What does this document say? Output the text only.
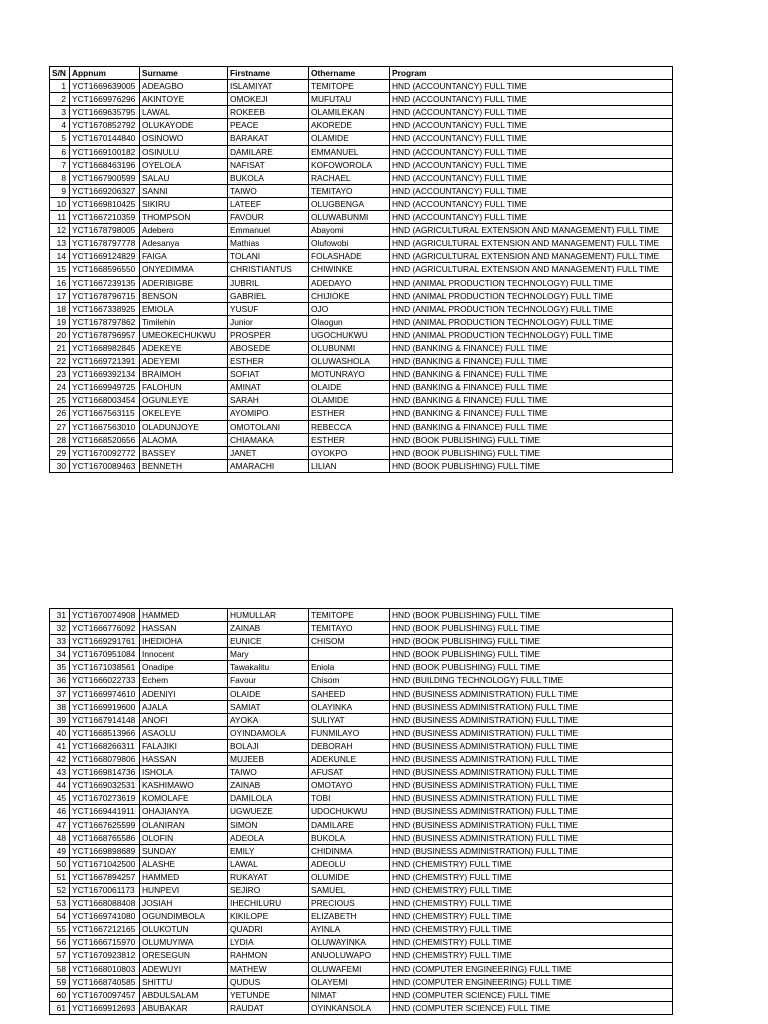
S/N	Appnum	Surname	Firstname	Othername	Program
1	YCT1669639005	ADEAGBO	ISLAMIYAT	TEMITOPE	HND (ACCOUNTANCY) FULL TIME
2	YCT1669976296	AKINTOYE	OMOKEJI	MUFUTAU	HND (ACCOUNTANCY) FULL TIME
3	YCT1669635795	LAWAL	ROKEEB	OLAMILEKAN	HND (ACCOUNTANCY) FULL TIME
4	YCT1670852792	OLUKAYODE	PEACE	AKOREDE	HND (ACCOUNTANCY) FULL TIME
5	YCT1670144840	OSINOWO	BARAKAT	OLAMIDE	HND (ACCOUNTANCY) FULL TIME
6	YCT1669100182	OSINULU	DAMILARE	EMMANUEL	HND (ACCOUNTANCY) FULL TIME
7	YCT1668463196	OYELOLA	NAFISAT	KOFOWOROLA	HND (ACCOUNTANCY) FULL TIME
8	YCT1667900599	SALAU	BUKOLA	RACHAEL	HND (ACCOUNTANCY) FULL TIME
9	YCT1669206327	SANNI	TAIWO	TEMITAYO	HND (ACCOUNTANCY) FULL TIME
10	YCT1669810425	SIKIRU	LATEEF	OLUGBENGA	HND (ACCOUNTANCY) FULL TIME
11	YCT1667210359	THOMPSON	FAVOUR	OLUWABUNMI	HND (ACCOUNTANCY) FULL TIME
12	YCT1678798005	Adebero	Emmanuel	Abayomi	HND (AGRICULTURAL EXTENSION AND MANAGEMENT) FULL TIME
13	YCT1678797778	Adesanya	Mathias	Olufowobi	HND (AGRICULTURAL EXTENSION AND MANAGEMENT) FULL TIME
14	YCT1669124829	FAIGA	TOLANI	FOLASHADE	HND (AGRICULTURAL EXTENSION AND MANAGEMENT) FULL TIME
15	YCT1668596550	ONYEDIMMA	CHRISTIANTUS	CHIWINKE	HND (AGRICULTURAL EXTENSION AND MANAGEMENT) FULL TIME
16	YCT1667239135	ADERIBIGBE	JUBRIL	ADEDAYO	HND (ANIMAL PRODUCTION TECHNOLOGY) FULL TIME
17	YCT1678796715	BENSON	GABRIEL	CHIJIOKE	HND (ANIMAL PRODUCTION TECHNOLOGY) FULL TIME
18	YCT1667338925	EMIOLA	YUSUF	OJO	HND (ANIMAL PRODUCTION TECHNOLOGY) FULL TIME
19	YCT1678797862	Timilehin	Junior	Olaogun	HND (ANIMAL PRODUCTION TECHNOLOGY) FULL TIME
20	YCT1678796957	UMEOKECHUKWU	PROSPER	UGOCHUKWU	HND (ANIMAL PRODUCTION TECHNOLOGY) FULL TIME
21	YCT1668982845	ADEKEYE	ABOSEDE	OLUBUNMI	HND (BANKING & FINANCE) FULL TIME
22	YCT1669721391	ADEYEMI	ESTHER	OLUWASHOLA	HND (BANKING & FINANCE) FULL TIME
23	YCT1669392134	BRAIMOH	SOFIAT	MOTUNRAYO	HND (BANKING & FINANCE) FULL TIME
24	YCT1669949725	FALOHUN	AMINAT	OLAIDE	HND (BANKING & FINANCE) FULL TIME
25	YCT1668003454	OGUNLEYE	SARAH	OLAMIDE	HND (BANKING & FINANCE) FULL TIME
26	YCT1667563115	OKELEYE	AYOMIPO	ESTHER	HND (BANKING & FINANCE) FULL TIME
27	YCT1667563010	OLADUNJOYE	OMOTOLANI	REBECCA	HND (BANKING & FINANCE) FULL TIME
28	YCT1668520656	ALAOMA	CHIAMAKA	ESTHER	HND (BOOK PUBLISHING) FULL TIME
29	YCT1670092772	BASSEY	JANET	OYOKPO	HND (BOOK PUBLISHING) FULL TIME
30	YCT1670089463	BENNETH	AMARACHI	LILIAN	HND (BOOK PUBLISHING) FULL TIME
31	YCT1670074908	HAMMED	HUMULLAR	TEMITOPE	HND (BOOK PUBLISHING) FULL TIME
32	YCT1666776092	HASSAN	ZAINAB	TEMITAYO	HND (BOOK PUBLISHING) FULL TIME
33	YCT1669291761	IHEDIOHA	EUNICE	CHISOM	HND (BOOK PUBLISHING) FULL TIME
34	YCT1670951084	Innocent	Mary		HND (BOOK PUBLISHING) FULL TIME
35	YCT1671038561	Onadipe	Tawakalitu	Eniola	HND (BOOK PUBLISHING) FULL TIME
36	YCT1666022733	Echem	Favour	Chisom	HND (BUILDING TECHNOLOGY) FULL TIME
37	YCT1669974610	ADENIYI	OLAIDE	SAHEED	HND (BUSINESS ADMINISTRATION) FULL TIME
38	YCT1669919600	AJALA	SAMIAT	OLAYINKA	HND (BUSINESS ADMINISTRATION) FULL TIME
39	YCT1667914148	ANOFI	AYOKA	SULIYAT	HND (BUSINESS ADMINISTRATION) FULL TIME
40	YCT1668513966	ASAOLU	OYINDAMOLA	FUNMILAYO	HND (BUSINESS ADMINISTRATION) FULL TIME
41	YCT1668266311	FALAJIKI	BOLAJI	DEBORAH	HND (BUSINESS ADMINISTRATION) FULL TIME
42	YCT1668079806	HASSAN	MUJEEB	ADEKUNLE	HND (BUSINESS ADMINISTRATION) FULL TIME
43	YCT1669814736	ISHOLA	TAIWO	AFUSAT	HND (BUSINESS ADMINISTRATION) FULL TIME
44	YCT1669032531	KASHIMAWO	ZAINAB	OMOTAYO	HND (BUSINESS ADMINISTRATION) FULL TIME
45	YCT1670273619	KOMOLAFE	DAMILOLA	TOBI	HND (BUSINESS ADMINISTRATION) FULL TIME
46	YCT1669441911	OHAJIANYA	UGWUEZE	UDOCHUKWU	HND (BUSINESS ADMINISTRATION) FULL TIME
47	YCT1667625599	OLANIRAN	SIMON	DAMILARE	HND (BUSINESS ADMINISTRATION) FULL TIME
48	YCT1668765586	OLOFIN	ADEOLA	BUKOLA	HND (BUSINESS ADMINISTRATION) FULL TIME
49	YCT1669898689	SUNDAY	EMILY	CHIDINMA	HND (BUSINESS ADMINISTRATION) FULL TIME
50	YCT1671042500	ALASHE	LAWAL	ADEOLU	HND (CHEMISTRY) FULL TIME
51	YCT1667894257	HAMMED	RUKAYAT	OLUMIDE	HND (CHEMISTRY) FULL TIME
52	YCT1670061173	HUNPEVI	SEJIRO	SAMUEL	HND (CHEMISTRY) FULL TIME
53	YCT1668088408	JOSIAH	IHECHILURU	PRECIOUS	HND (CHEMISTRY) FULL TIME
54	YCT1669741080	OGUNDIMBOLA	KIKILOPE	ELIZABETH	HND (CHEMISTRY) FULL TIME
55	YCT1667212165	OLUKOTUN	QUADRI	AYINLA	HND (CHEMISTRY) FULL TIME
56	YCT1666715970	OLUMUYIWA	LYDIA	OLUWAYINKA	HND (CHEMISTRY) FULL TIME
57	YCT1670923812	ORESEGUN	RAHMON	ANUOLUWAPO	HND (CHEMISTRY) FULL TIME
58	YCT1668010803	ADEWUYI	MATHEW	OLUWAFEMI	HND (COMPUTER ENGINEERING) FULL TIME
59	YCT1668740585	SHITTU	QUDUS	OLAYEMI	HND (COMPUTER ENGINEERING) FULL TIME
60	YCT1670097457	ABDULSALAM	YETUNDE	NIMAT	HND (COMPUTER SCIENCE) FULL TIME
61	YCT1669912693	ABUBAKAR	RAUDAT	OYINKANSOLA	HND (COMPUTER SCIENCE) FULL TIME
